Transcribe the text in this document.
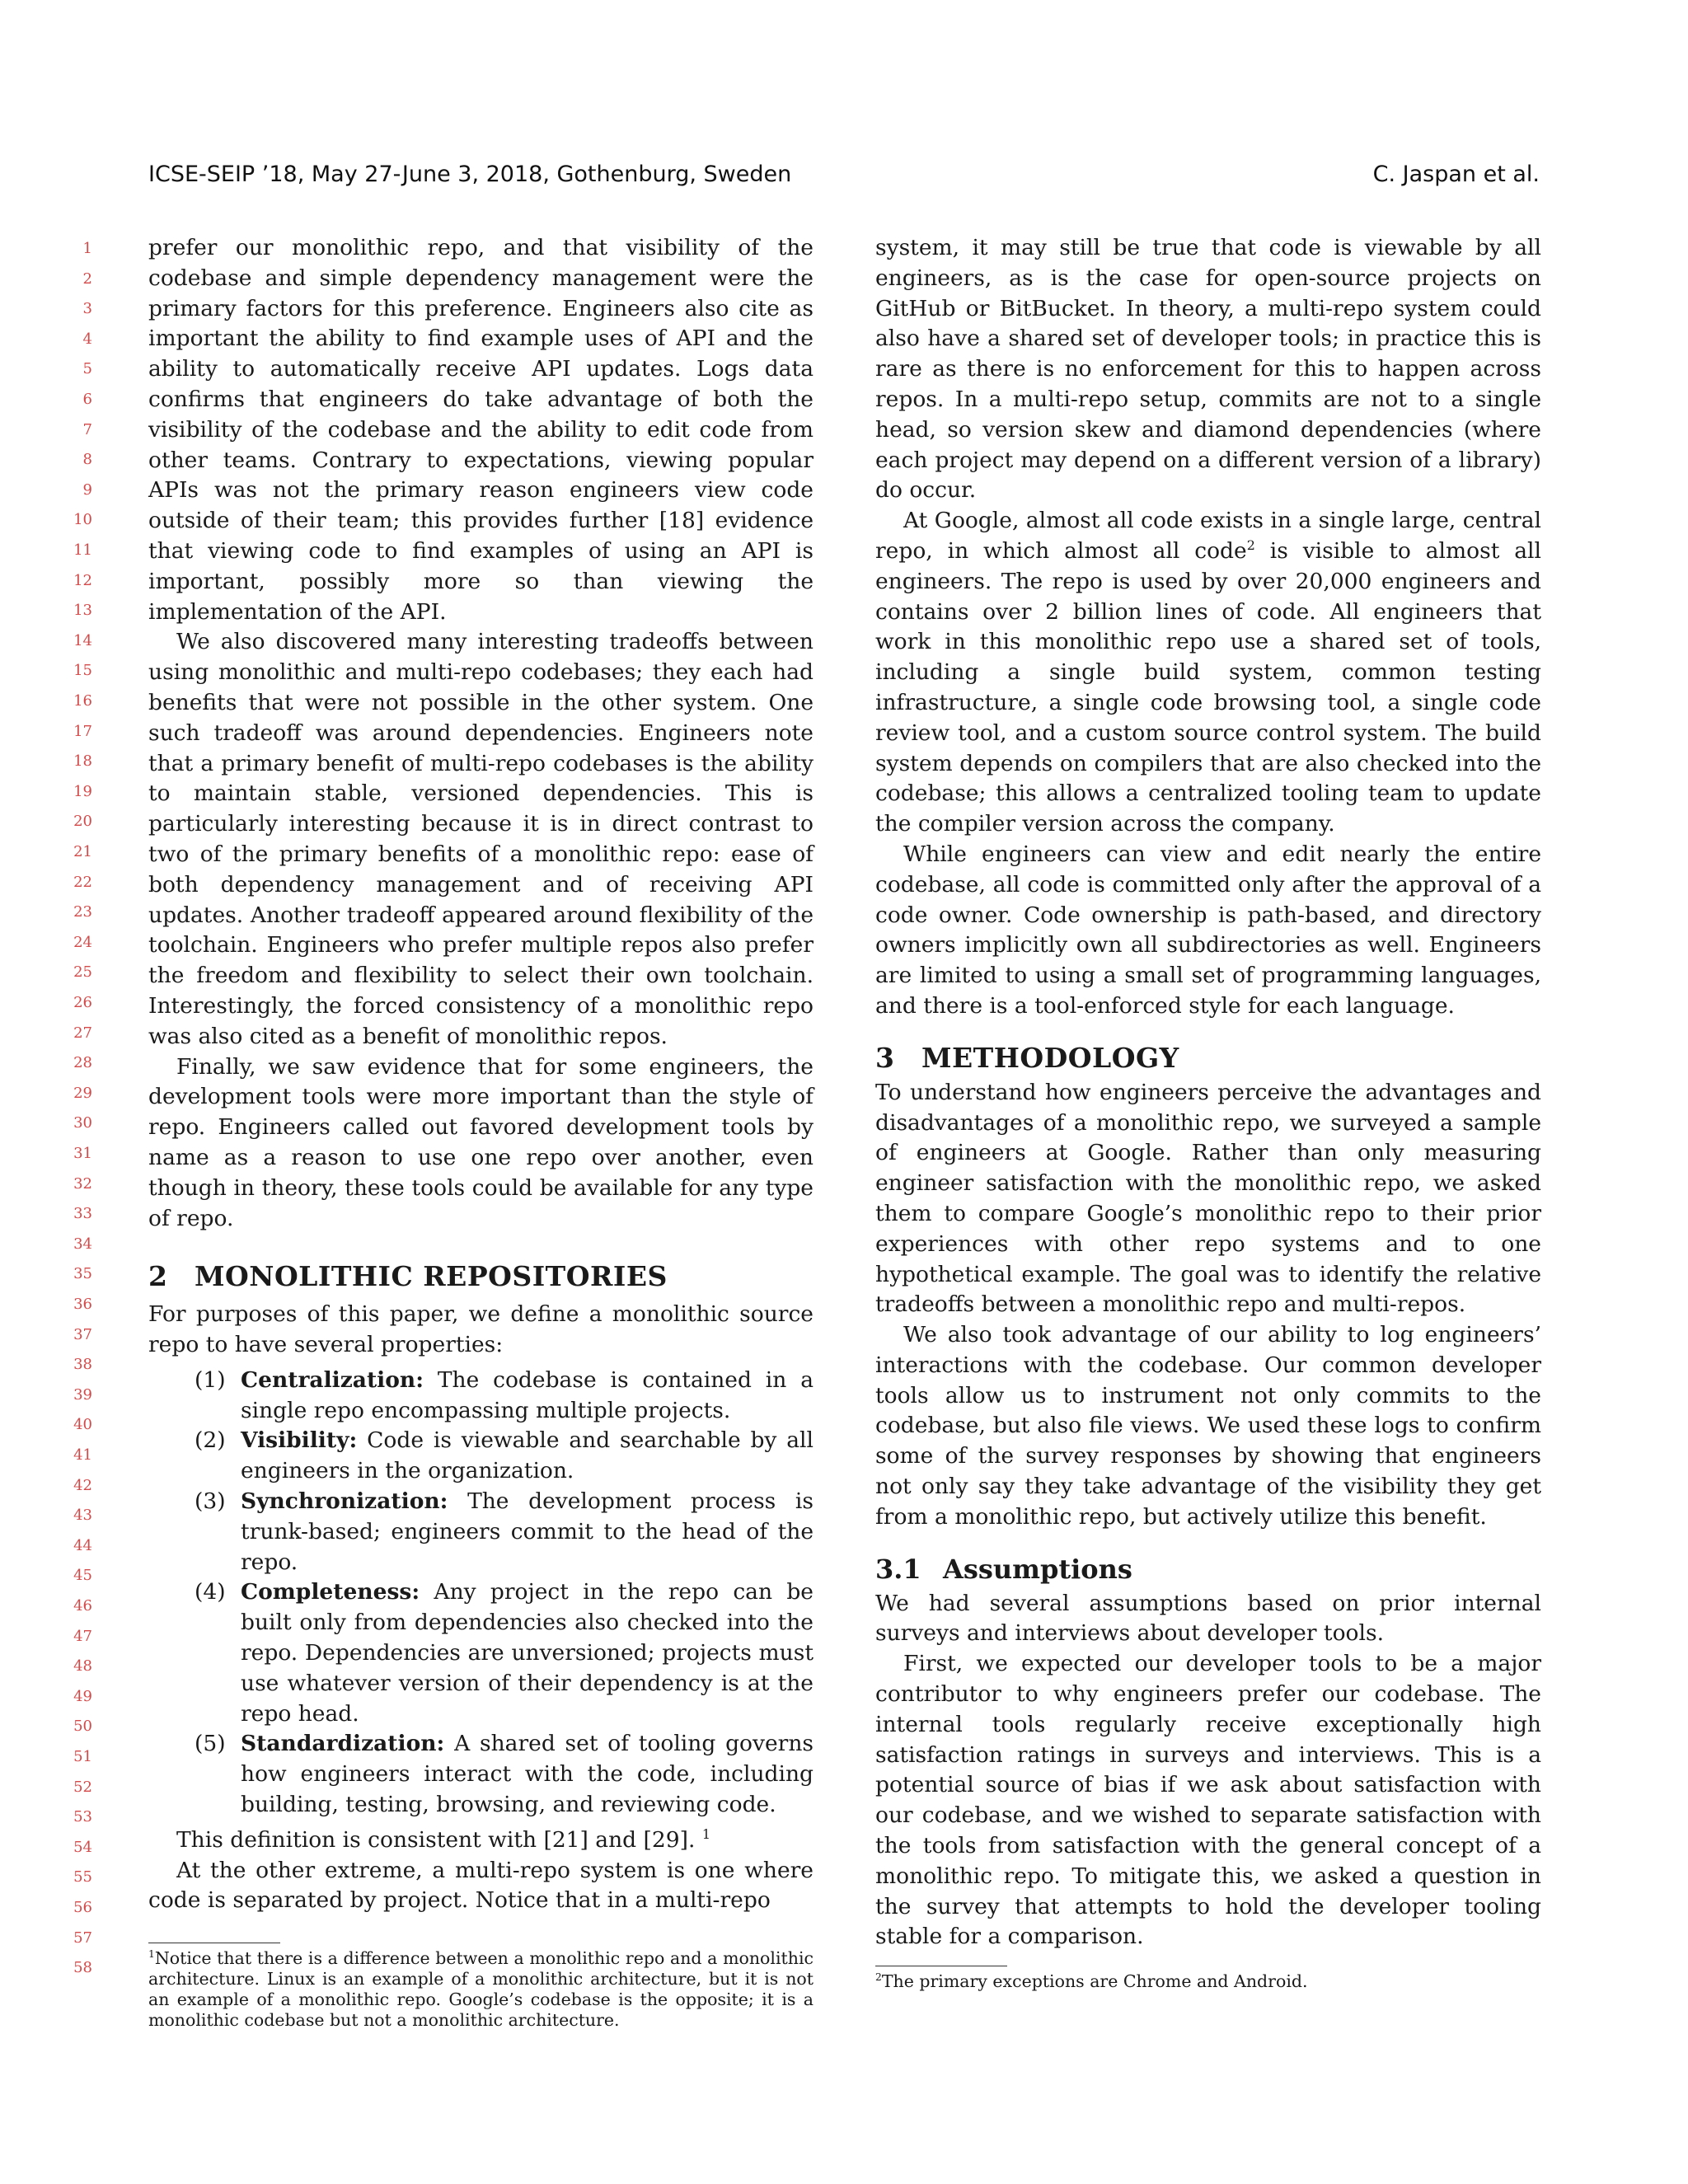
ICSE-SEIP ’18, May 27-June 3, 2018, Gothenburg, Sweden	C. Jaspan et al.
1
2
3
4
5
6
7
8
9
10
11
12
13
14
15
16
17
18
19
20
21
22
23
24
25
26
27
28
29
30
31
32
33
34
35
36
37
38
39
40
41
42
43
44
45
46
47
48
49
50
51
52
53
54
55
56
57
58

prefer our monolithic repo, and that visibility of the codebase and simple dependency management were the primary factors for this preference. Engineers also cite as important the ability to find example uses of API and the ability to automatically receive API updates. Logs data confirms that engineers do take advantage of both the visibility of the codebase and the ability to edit code from other teams. Contrary to expectations, viewing popular APIs was not the primary reason engineers view code outside of their team; this provides further [18] evidence that viewing code to find examples of using an API is important, possibly more so than viewing the implementation of the API.

We also discovered many interesting tradeoffs between using monolithic and multi-repo codebases; they each had benefits that were not possible in the other system. One such tradeoff was around dependencies. Engineers note that a primary benefit of multi-repo codebases is the ability to maintain stable, versioned dependencies. This is particularly interesting because it is in direct contrast to two of the primary benefits of a monolithic repo: ease of both dependency management and of receiving API updates. Another tradeoff appeared around flexibility of the toolchain. Engineers who prefer multiple repos also prefer the freedom and flexibility to select their own toolchain. Interestingly, the forced consistency of a monolithic repo was also cited as a benefit of monolithic repos.

Finally, we saw evidence that for some engineers, the development tools were more important than the style of repo. Engineers called out favored development tools by name as a reason to use one repo over another, even though in theory, these tools could be available for any type of repo.

2 MONOLITHIC REPOSITORIES

For purposes of this paper, we define a monolithic source repo to have several properties:

(1) Centralization: The codebase is contained in a single repo encompassing multiple projects.
(2) Visibility: Code is viewable and searchable by all engineers in the organization.
(3) Synchronization: The development process is trunk-based; engineers commit to the head of the repo.
(4) Completeness: Any project in the repo can be built only from dependencies also checked into the repo. Dependencies are unversioned; projects must use whatever version of their dependency is at the repo head.
(5) Standardization: A shared set of tooling governs how engineers interact with the code, including building, testing, browsing, and reviewing code.

This definition is consistent with [21] and [29]. $^1$

At the other extreme, a multi-repo system is one where code is separated by project. Notice that in a multi-repo

$^1$Notice that there is a difference between a monolithic repo and a monolithic architecture. Linux is an example of a monolithic architecture, but it is not an example of a monolithic repo. Google’s codebase is the opposite; it is a monolithic codebase but not a monolithic architecture.

system, it may still be true that code is viewable by all engineers, as is the case for open-source projects on GitHub or BitBucket. In theory, a multi-repo system could also have a shared set of developer tools; in practice this is rare as there is no enforcement for this to happen across repos. In a multi-repo setup, commits are not to a single head, so version skew and diamond dependencies (where each project may depend on a different version of a library) do occur.

At Google, almost all code exists in a single large, central repo, in which almost all code$^2$ is visible to almost all engineers. The repo is used by over 20,000 engineers and contains over 2 billion lines of code. All engineers that work in this monolithic repo use a shared set of tools, including a single build system, common testing infrastructure, a single code browsing tool, a single code review tool, and a custom source control system. The build system depends on compilers that are also checked into the codebase; this allows a centralized tooling team to update the compiler version across the company.

While engineers can view and edit nearly the entire codebase, all code is committed only after the approval of a code owner. Code ownership is path-based, and directory owners implicitly own all subdirectories as well. Engineers are limited to using a small set of programming languages, and there is a tool-enforced style for each language.

3 METHODOLOGY

To understand how engineers perceive the advantages and disadvantages of a monolithic repo, we surveyed a sample of engineers at Google. Rather than only measuring engineer satisfaction with the monolithic repo, we asked them to compare Google’s monolithic repo to their prior experiences with other repo systems and to one hypothetical example. The goal was to identify the relative tradeoffs between a monolithic repo and multi-repos.

We also took advantage of our ability to log engineers’ interactions with the codebase. Our common developer tools allow us to instrument not only commits to the codebase, but also file views. We used these logs to confirm some of the survey responses by showing that engineers not only say they take advantage of the visibility they get from a monolithic repo, but actively utilize this benefit.

3.1 Assumptions

We had several assumptions based on prior internal surveys and interviews about developer tools.

First, we expected our developer tools to be a major contributor to why engineers prefer our codebase. The internal tools regularly receive exceptionally high satisfaction ratings in surveys and interviews. This is a potential source of bias if we ask about satisfaction with our codebase, and we wished to separate satisfaction with the tools from satisfaction with the general concept of a monolithic repo. To mitigate this, we asked a question in the survey that attempts to hold the developer tooling stable for a comparison.

$^2$The primary exceptions are Chrome and Android.
